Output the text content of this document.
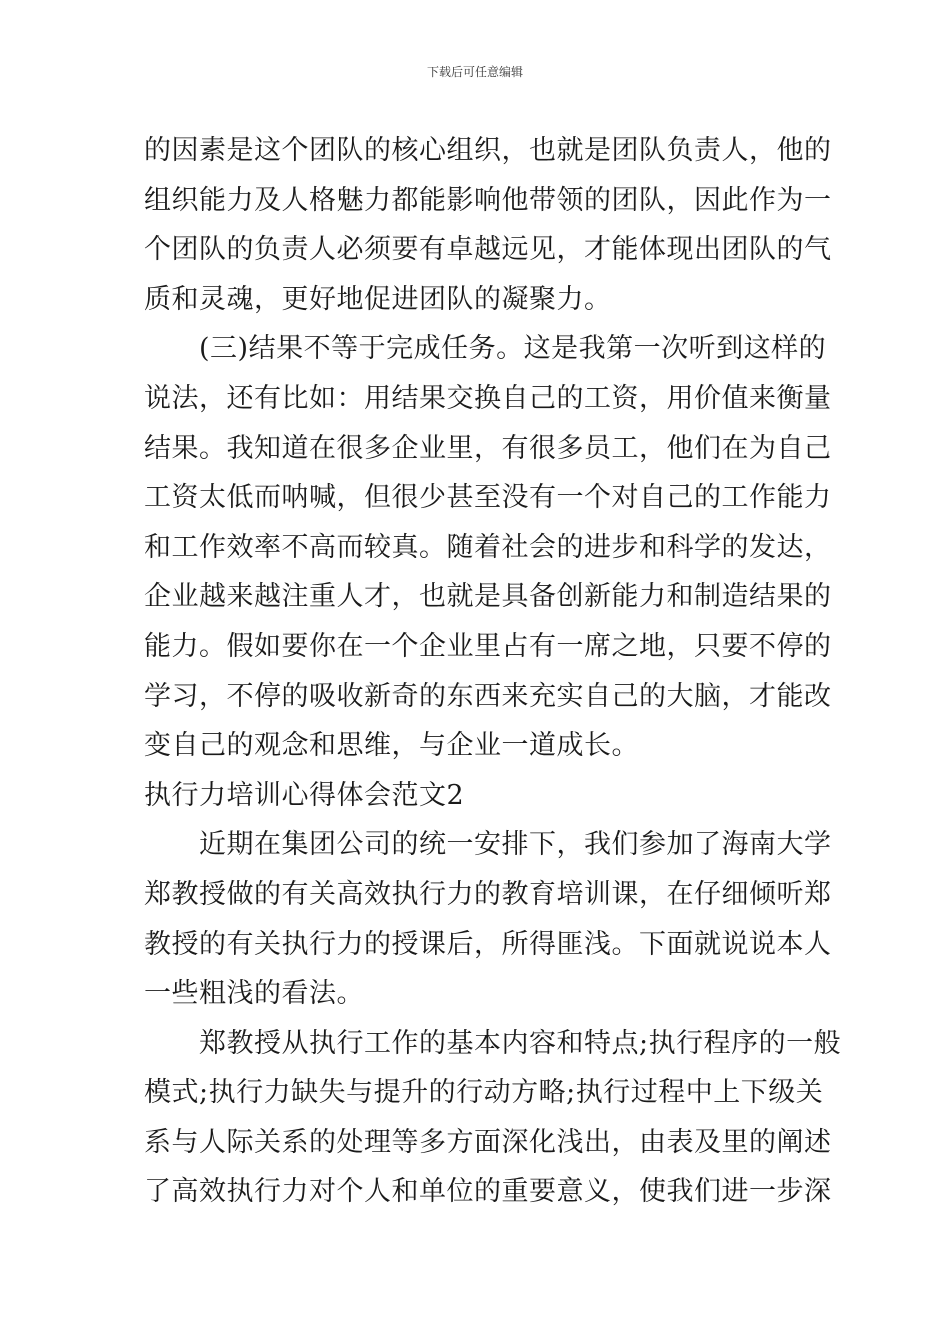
下载后可任意编辑

的因素是这个团队的核心组织，也就是团队负责人，他的
组织能力及人格魅力都能影响他带领的团队，因此作为一
个团队的负责人必须要有卓越远见，才能体现出团队的气
质和灵魂，更好地促进团队的凝聚力。

　　(三)结果不等于完成任务。这是我第一次听到这样的
说法，还有比如：用结果交换自己的工资，用价值来衡量
结果。我知道在很多企业里，有很多员工，他们在为自己
工资太低而呐喊，但很少甚至没有一个对自己的工作能力
和工作效率不高而较真。随着社会的进步和科学的发达，
企业越来越注重人才，也就是具备创新能力和制造结果的
能力。假如要你在一个企业里占有一席之地，只要不停的
学习，不停的吸收新奇的东西来充实自己的大脑，才能改
变自己的观念和思维，与企业一道成长。

执行力培训心得体会范文2

　　近期在集团公司的统一安排下，我们参加了海南大学
郑教授做的有关高效执行力的教育培训课，在仔细倾听郑
教授的有关执行力的授课后，所得匪浅。下面就说说本人
一些粗浅的看法。

　　郑教授从执行工作的基本内容和特点;执行程序的一般
模式;执行力缺失与提升的行动方略;执行过程中上下级关
系与人际关系的处理等多方面深化浅出，由表及里的阐述
了高效执行力对个人和单位的重要意义，使我们进一步深
